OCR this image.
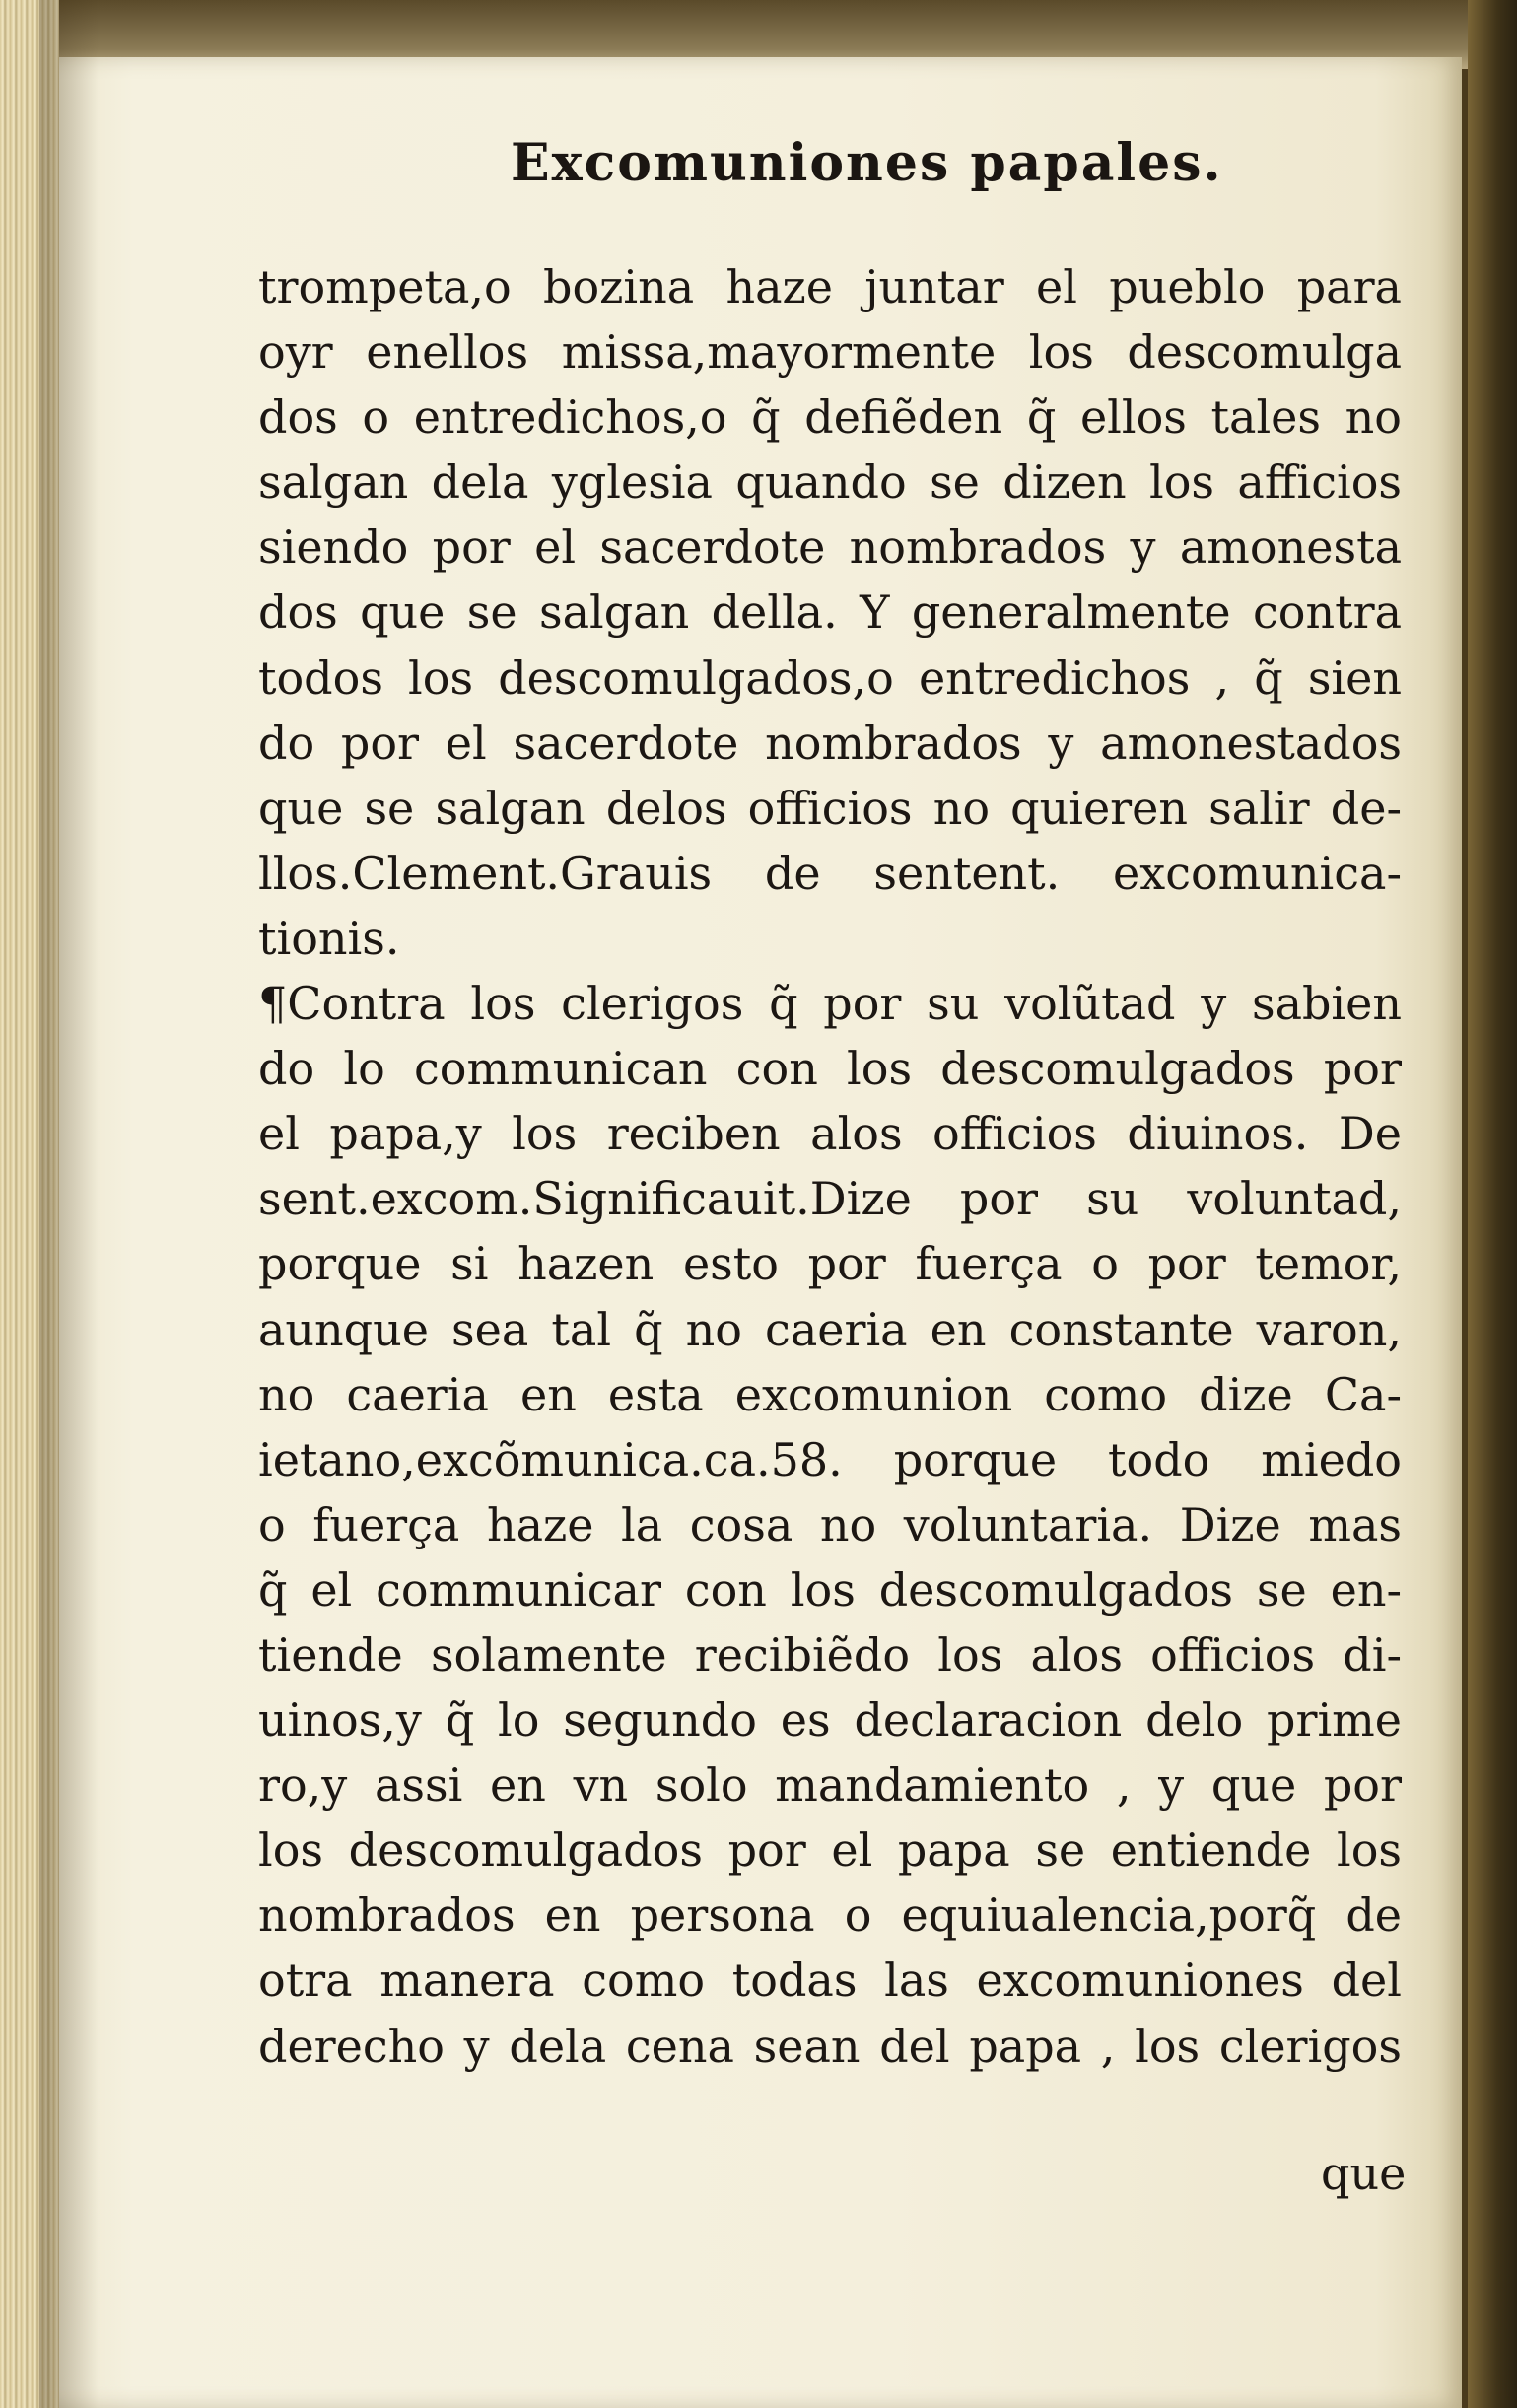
Excomuniones papales.
trompeta,o bozina haze juntar el pueblo para
oyr enellos missa,mayormente los descomulga
dos o entredichos,o q̃ defiẽden q̃ ellos tales no
salgan dela yglesia quando se dizen los afficios
siendo por el sacerdote nombrados y amonesta
dos que se salgan della. Y generalmente contra
todos los descomulgados,o entredichos , q̃ sien
do por el sacerdote nombrados y amonestados
que se salgan delos officios no quieren salir de-
llos.Clement.Grauis de sentent. excomunica-
tionis.
¶Contra los clerigos q̃ por su volũtad y sabien
do lo communican con los descomulgados por
el papa,y los reciben alos officios diuinos. De
sent.excom.Significauit.Dize por su voluntad,
porque si hazen esto por fuerça o por temor,
aunque sea tal q̃ no caeria en constante varon,
no caeria en esta excomunion como dize Ca-
ietano,excõmunica.ca.58. porque todo miedo
o fuerça haze la cosa no voluntaria. Dize mas
q̃ el communicar con los descomulgados se en-
tiende solamente recibiẽdo los alos officios di-
uinos,y q̃ lo segundo es declaracion delo prime
ro,y assi en vn solo mandamiento , y que por
los descomulgados por el papa se entiende los
nombrados en persona o equiualencia,porq̃ de
otra manera como todas las excomuniones del
derecho y dela cena sean del papa , los clerigos
que
